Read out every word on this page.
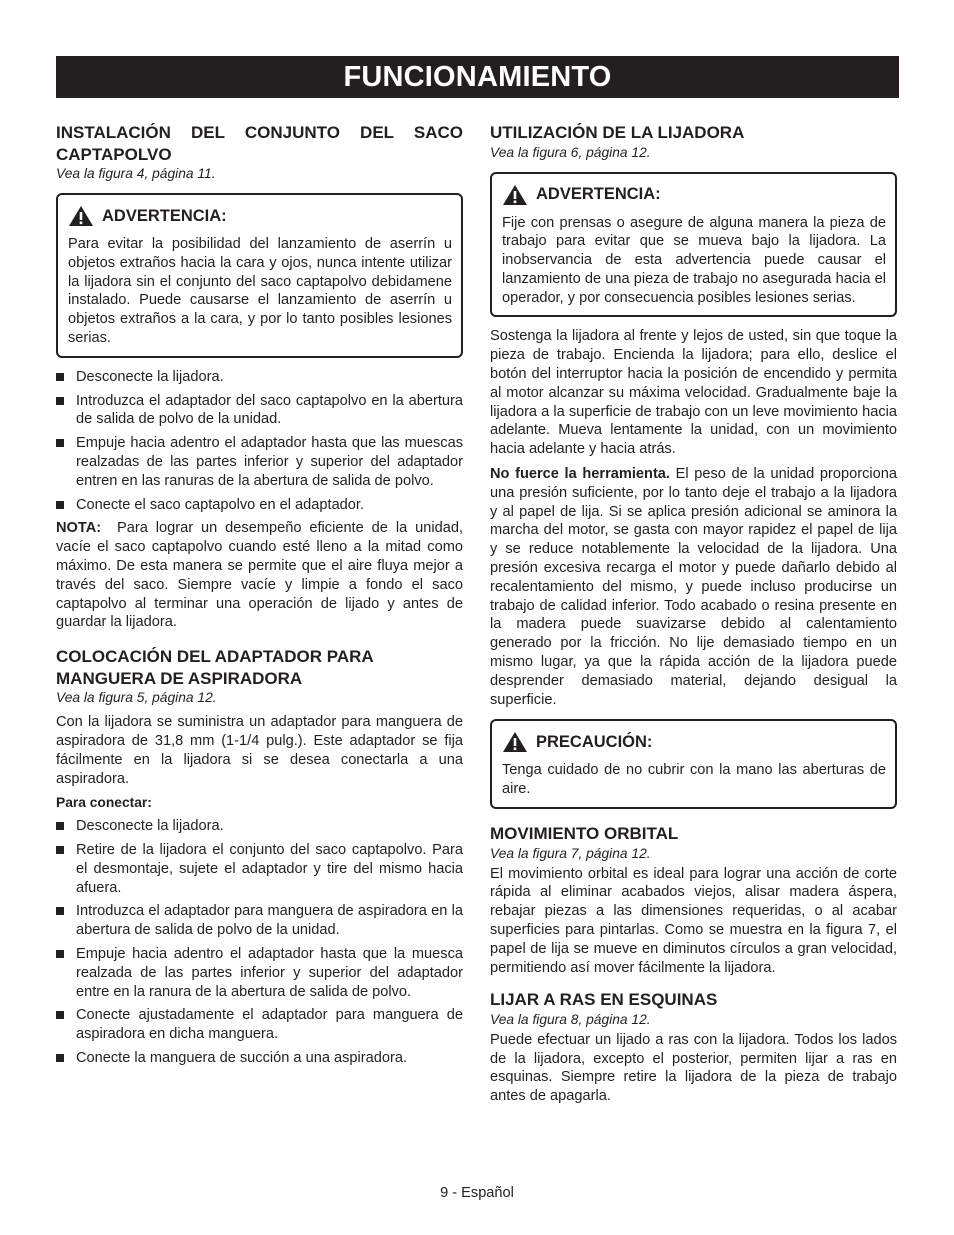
FUNCIONAMIENTO
INSTALACIÓN DEL CONJUNTO DEL SACO CAPTAPOLVO
Vea la figura 4, página 11.
ADVERTENCIA:

Para evitar la posibilidad del lanzamiento de aserrín u objetos extraños hacia la cara y ojos, nunca intente utilizar la lijadora sin el conjunto del saco captapolvo debidamene instalado. Puede causarse el lanzamiento de aserrín u objetos extraños a la cara, y por lo tanto posibles lesiones serias.

Desconecte la lijadora.
Introduzca el adaptador del saco captapolvo en la abertura de salida de polvo de la unidad.
Empuje hacia adentro el adaptador hasta que las muescas realzadas de las partes inferior y superior del adaptador entren en las ranuras de la abertura de salida de polvo.
Conecte el saco captapolvo en el adaptador.

NOTA: Para lograr un desempeño eficiente de la unidad, vacíe el saco captapolvo cuando esté lleno a la mitad como máximo. De esta manera se permite que el aire fluya mejor a través del saco. Siempre vacíe y limpie a fondo el saco captapolvo al terminar una operación de lijado y antes de guardar la lijadora.

COLOCACIÓN DEL ADAPTADOR PARA MANGUERA DE ASPIRADORA
Vea la figura 5, página 12.

Con la lijadora se suministra un adaptador para manguera de aspiradora de 31,8 mm (1-1/4 pulg.). Este adaptador se fija fácilmente en la lijadora si se desea conectarla a una aspiradora.

Para conectar:
Desconecte la lijadora.
Retire de la lijadora el conjunto del saco captapolvo. Para el desmontaje, sujete el adaptador y tire del mismo hacia afuera.
Introduzca el adaptador para manguera de aspiradora en la abertura de salida de polvo de la unidad.
Empuje hacia adentro el adaptador hasta que la muesca realzada de las partes inferior y superior del adaptador entre en la ranura de la abertura de salida de polvo.
Conecte ajustadamente el adaptador para manguera de aspiradora en dicha manguera.
Conecte la manguera de succión a una aspiradora.
UTILIZACIÓN DE LA LIJADORA
Vea la figura 6, página 12.
ADVERTENCIA:

Fije con prensas o asegure de alguna manera la pieza de trabajo para evitar que se mueva bajo la lijadora. La inobservancia de esta advertencia puede causar el lanzamiento de una pieza de trabajo no asegurada hacia el operador, y por consecuencia posibles lesiones serias.

Sostenga la lijadora al frente y lejos de usted, sin que toque la pieza de trabajo. Encienda la lijadora; para ello, deslice el botón del interruptor hacia la posición de encendido y permita al motor alcanzar su máxima velocidad. Gradualmente baje la lijadora a la superficie de trabajo con un leve movimiento hacia adelante. Mueva lentamente la unidad, con un movimiento hacia adelante y hacia atrás.

No fuerce la herramienta. El peso de la unidad proporciona una presión suficiente, por lo tanto deje el trabajo a la lijadora y al papel de lija. Si se aplica presión adicional se aminora la marcha del motor, se gasta con mayor rapidez el papel de lija y se reduce notablemente la velocidad de la lijadora. Una presión excesiva recarga el motor y puede dañarlo debido al recalentamiento del mismo, y puede incluso producirse un trabajo de calidad inferior. Todo acabado o resina presente en la madera puede suavizarse debido al calentamiento generado por la fricción. No lije demasiado tiempo en un mismo lugar, ya que la rápida acción de la lijadora puede desprender demasiado material, dejando desigual la superficie.

PRECAUCIÓN:

Tenga cuidado de no cubrir con la mano las aberturas de aire.

MOVIMIENTO ORBITAL
Vea la figura 7, página 12.

El movimiento orbital es ideal para lograr una acción de corte rápida al eliminar acabados viejos, alisar madera áspera, rebajar piezas a las dimensiones requeridas, o al acabar superficies para pintarlas. Como se muestra en la figura 7, el papel de lija se mueve en diminutos círculos a gran velocidad, permitiendo así mover fácilmente la lijadora.

LIJAR A RAS EN ESQUINAS
Vea la figura 8, página 12.

Puede efectuar un lijado a ras con la lijadora. Todos los lados de la lijadora, excepto el posterior, permiten lijar a ras en esquinas. Siempre retire la lijadora de la pieza de trabajo antes de apagarla.

9 - Español
